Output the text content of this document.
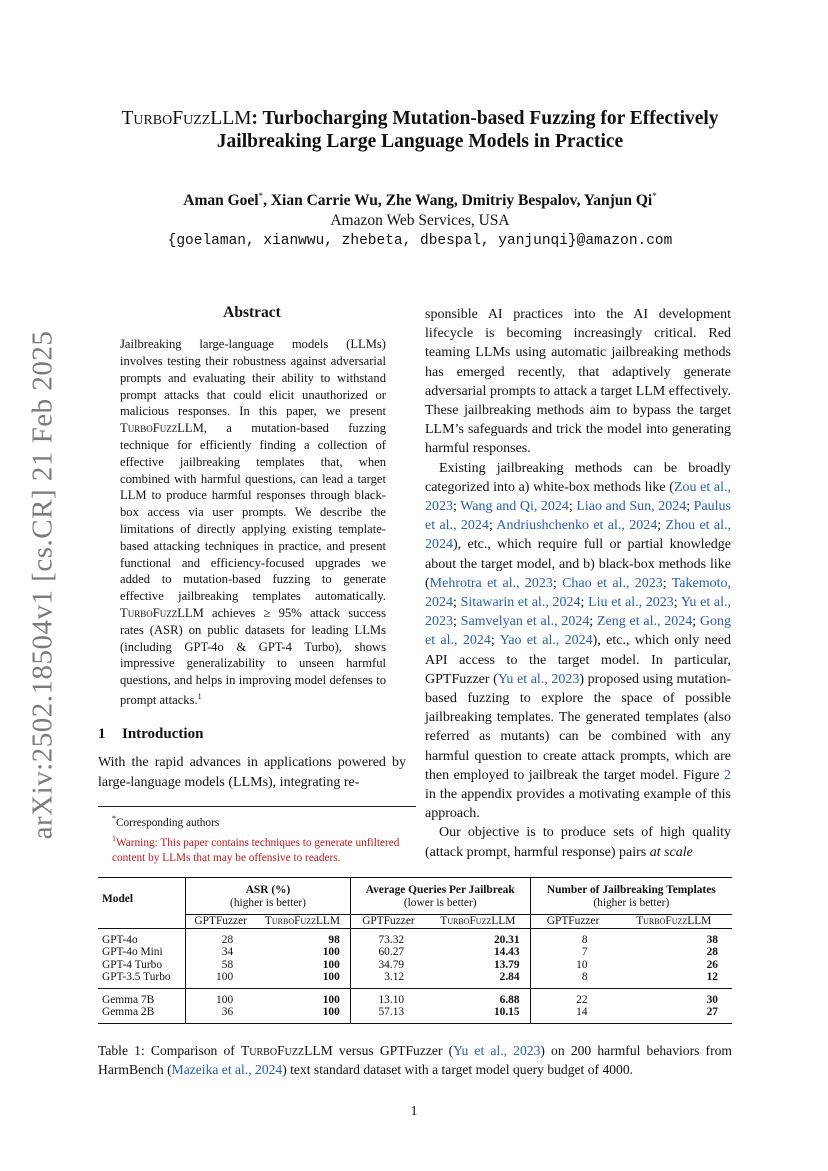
arXiv:2502.18504v1 [cs.CR] 21 Feb 2025
TurboFuzzLLM: Turbocharging Mutation-based Fuzzing for Effectively
Jailbreaking Large Language Models in Practice
Aman Goel*, Xian Carrie Wu, Zhe Wang, Dmitriy Bespalov, Yanjun Qi*
Amazon Web Services, USA
{goelaman, xianwwu, zhebeta, dbespal, yanjunqi}@amazon.com
Abstract

Jailbreaking large-language models (LLMs) involves testing their robustness against adversarial prompts and evaluating their ability to withstand prompt attacks that could elicit unauthorized or malicious responses. In this paper, we present TurboFuzzLLM, a mutation-based fuzzing technique for efficiently finding a collection of effective jailbreaking templates that, when combined with harmful questions, can lead a target LLM to produce harmful responses through black-box access via user prompts. We describe the limitations of directly applying existing template-based attacking techniques in practice, and present functional and efficiency-focused upgrades we added to mutation-based fuzzing to generate effective jailbreaking templates automatically. TurboFuzzLLM achieves ≥ 95% attack success rates (ASR) on public datasets for leading LLMs (including GPT-4o & GPT-4 Turbo), shows impressive generalizability to unseen harmful questions, and helps in improving model defenses to prompt attacks.$^1$

1 Introduction

With the rapid advances in applications powered by large-language models (LLMs), integrating re-

*Corresponding authors
$^1$Warning: This paper contains techniques to generate unfiltered content by LLMs that may be offensive to readers.

sponsible AI practices into the AI development lifecycle is becoming increasingly critical. Red teaming LLMs using automatic jailbreaking methods has emerged recently, that adaptively generate adversarial prompts to attack a target LLM effectively. These jailbreaking methods aim to bypass the target LLM’s safeguards and trick the model into generating harmful responses.

Existing jailbreaking methods can be broadly categorized into a) white-box methods like (Zou et al., 2023; Wang and Qi, 2024; Liao and Sun, 2024; Paulus et al., 2024; Andriushchenko et al., 2024; Zhou et al., 2024), etc., which require full or partial knowledge about the target model, and b) black-box methods like (Mehrotra et al., 2023; Chao et al., 2023; Takemoto, 2024; Sitawarin et al., 2024; Liu et al., 2023; Yu et al., 2023; Samvelyan et al., 2024; Zeng et al., 2024; Gong et al., 2024; Yao et al., 2024), etc., which only need API access to the target model. In particular, GPTFuzzer (Yu et al., 2023) proposed using mutation-based fuzzing to explore the space of possible jailbreaking templates. The generated templates (also referred as mutants) can be combined with any harmful question to create attack prompts, which are then employed to jailbreak the target model. Figure 2 in the appendix provides a motivating example of this approach.

Our objective is to produce sets of high quality (attack prompt, harmful response) pairs at scale

Model	ASR (%)		Average Queries Per Jailbreak		Number of Jailbreaking Templates	
	(higher is better)		(lower is better)		(higher is better)	
	GPTFuzzer	TurboFuzzLLM	GPTFuzzer	TurboFuzzLLM	GPTFuzzer	TurboFuzzLLM
GPT-4o	28	98	73.32	20.31	8	38
GPT-4o Mini	34	100	60.27	14.43	7	28
GPT-4 Turbo	58	100	34.79	13.79	10	26
GPT-3.5 Turbo	100	100	3.12	2.84	8	12
Gemma 7B	100	100	13.10	6.88	22	30
Gemma 2B	36	100	57.13	10.15	14	27
Table 1: Comparison of TurboFuzzLLM versus GPTFuzzer (Yu et al., 2023) on 200 harmful behaviors from HarmBench (Mazeika et al., 2024) text standard dataset with a target model query budget of 4000.
1
